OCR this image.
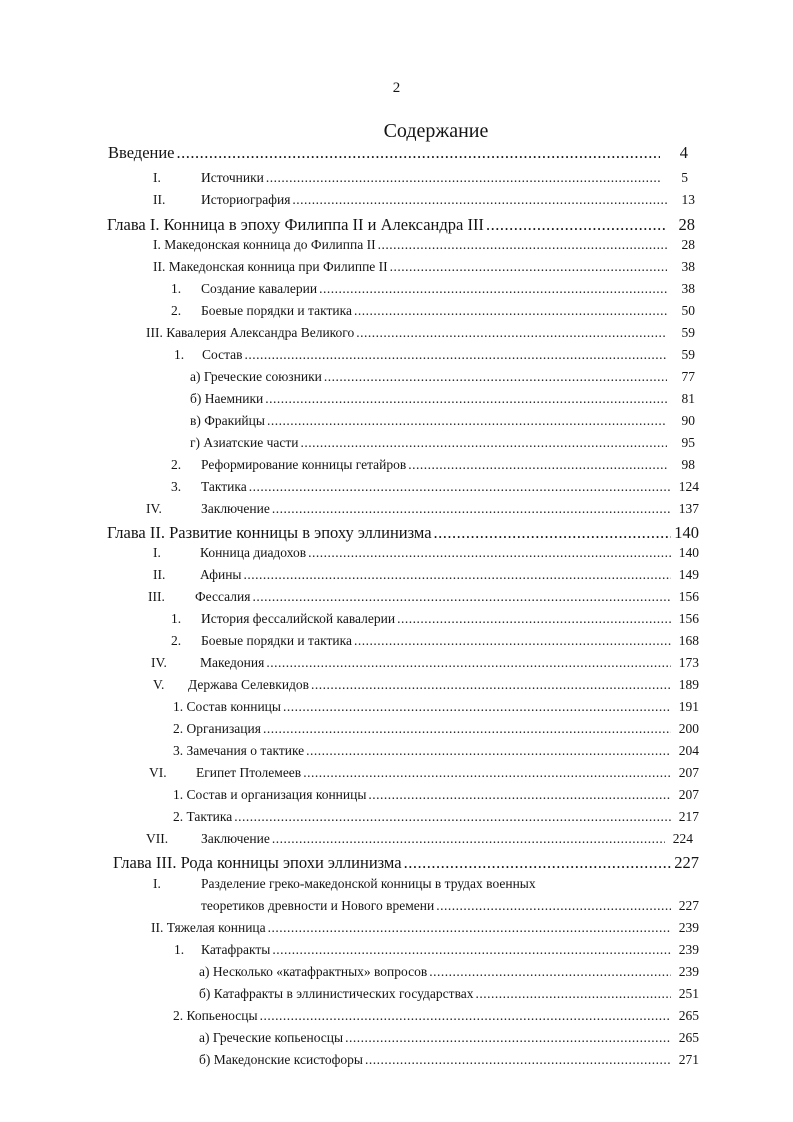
2
Содержание
Введение .....	4
I.	Источники .....	5
II.	Историография .....	13
Глава I. Конница в эпоху Филиппа II и Александра III .....	28
I. Македонская конница до Филиппа II .....	28
II. Македонская конница при Филиппе II .....	38
1.	Создание кавалерии .....	38
2.	Боевые порядки и тактика .....	50
III. Кавалерия Александра Великого .....	59
1.	Состав .....	59
а) Греческие союзники .....	77
б) Наемники .....	81
в) Фракийцы .....	90
г) Азиатские части .....	95
2.	Реформирование конницы гетайров .....	98
3.	Тактика .....	124
IV.	Заключение .....	137
Глава II. Развитие конницы в эпоху эллинизма .....	140
I.	Конница диадохов .....	140
II.	Афины .....	149
III.	Фессалия .....	156
1.	История фессалийской кавалерии .....	156
2.	Боевые порядки и тактика .....	168
IV.	Македония .....	173
V.	Держава Селевкидов .....	189
1. Состав конницы .....	191
2. Организация .....	200
3. Замечания о тактике .....	204
VI.	Египет Птолемеев .....	207
1. Состав и организация конницы .....	207
2. Тактика .....	217
VII.	Заключение .....	224
Глава III. Рода конницы эпохи эллинизма .....	227
I.	Разделение греко-македонской конницы в трудах военных
теоретиков древности и Нового времени .....	227
II. Тяжелая конница .....	239
1.	Катафракты .....	239
а) Несколько «катафрактных» вопросов .....	239
б) Катафракты в эллинистических государствах .....	251
2. Копьеносцы .....	265
а) Греческие копьеносцы .....	265
б) Македонские ксистофоры .....	271
